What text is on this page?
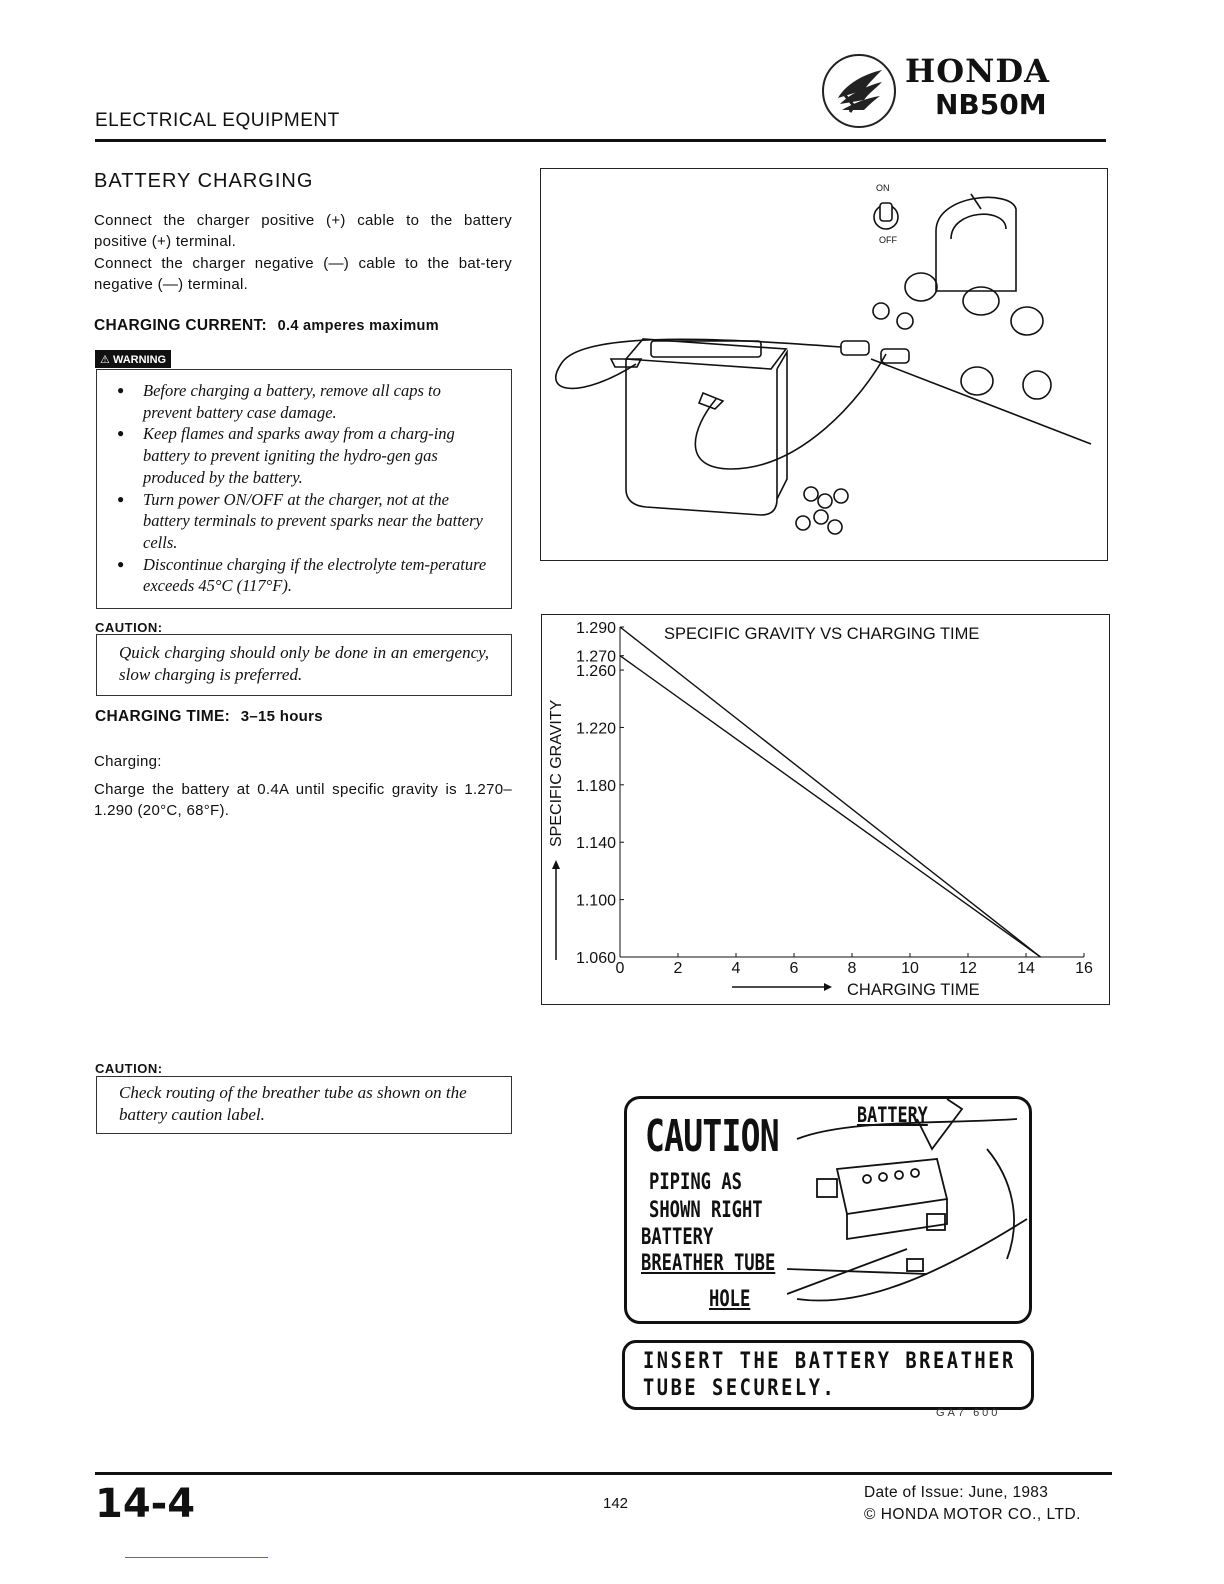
ELECTRICAL EQUIPMENT
HONDA
NB50M
BATTERY CHARGING
Connect the charger positive (+) cable to the battery positive (+) terminal.
Connect the charger negative (—) cable to the bat-tery negative (—) terminal.
CHARGING CURRENT: 0.4 amperes maximum
⚠ WARNING
● Before charging a battery, remove all caps to prevent battery case damage.
● Keep flames and sparks away from a charg-ing battery to prevent igniting the hydro-gen gas produced by the battery.
● Turn power ON/OFF at the charger, not at the battery terminals to prevent sparks near the battery cells.
● Discontinue charging if the electrolyte tem-perature exceeds 45°C (117°F).
CAUTION:
Quick charging should only be done in an emergency, slow charging is preferred.
CHARGING TIME: 3–15 hours
Charging:
Charge the battery at 0.4A until specific gravity is 1.270–1.290 (20°C, 68°F).
CAUTION:
Check routing of the breather tube as shown on the battery caution label.
ON
OFF
SPECIFIC GRAVITY VS CHARGING TIME
1.060
1.100
1.140
1.180
1.220
1.260
1.270
1.290
0	2	4	6	8	10	12	14	16
CHARGING TIME
SPECIFIC GRAVITY
CAUTION	BATTERY
PIPING AS
SHOWN RIGHT
BATTERY
BREATHER TUBE
HOLE
INSERT THE BATTERY BREATHER
TUBE SECURELY.
GA7 600
14-4	142
Date of Issue: June, 1983
© HONDA MOTOR CO., LTD.
